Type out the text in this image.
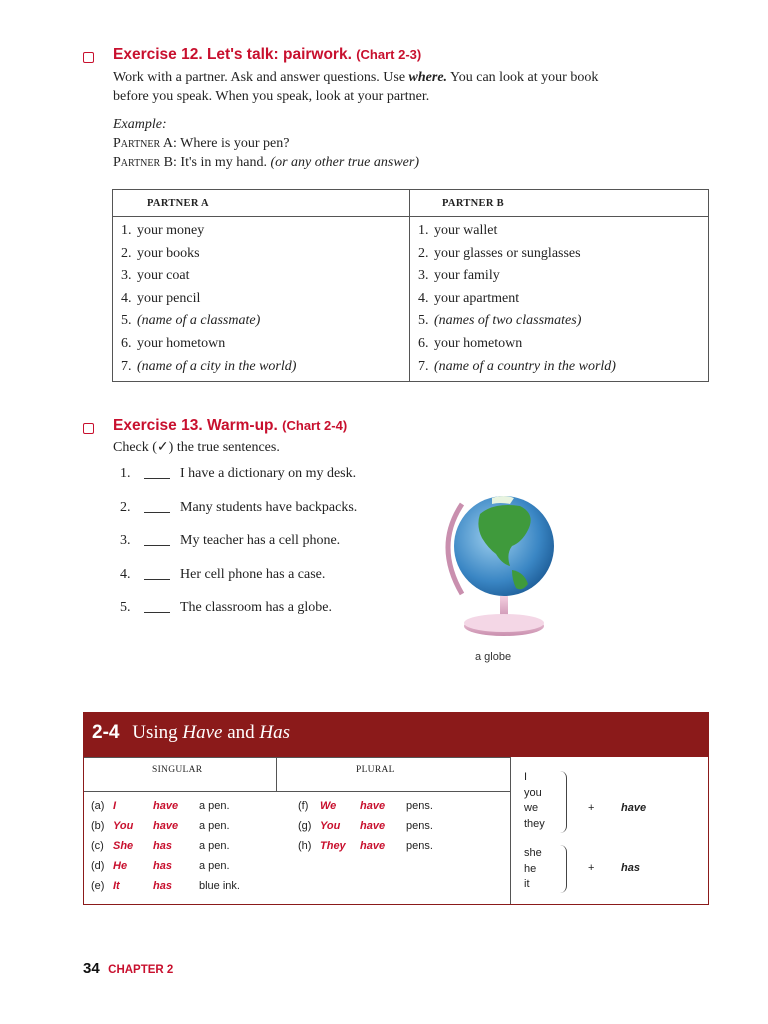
Exercise 12. Let's talk: pairwork. (Chart 2-3)
Work with a partner. Ask and answer questions. Use where. You can look at your book
before you speak. When you speak, look at your partner.
Example:
Partner A: Where is your pen?
Partner B: It's in my hand. (or any other true answer)
PARTNER A
1. your money
2. your books
3. your coat
4. your pencil
5. (name of a classmate)
6. your hometown
7. (name of a city in the world)
PARTNER B
1. your wallet
2. your glasses or sunglasses
3. your family
4. your apartment
5. (names of two classmates)
6. your hometown
7. (name of a country in the world)
Exercise 13. Warm-up. (Chart 2-4)
Check (✓) the true sentences.
1.	I have a dictionary on my desk.
2.	Many students have backpacks.
3.	My teacher has a cell phone.
4.	Her cell phone has a case.
5.	The classroom has a globe.
a globe
2-4 Using Have and Has
SINGULAR	PLURAL
(a) I	have a pen.
(b) You have a pen.
(c) She has a pen.
(d) He has a pen.
(e) It	has blue ink.
(f) We have pens.
(g) You have pens.
(h) They have pens.
I
you
we
they
she
he
it
+ have
+ has
34 CHAPTER 2
